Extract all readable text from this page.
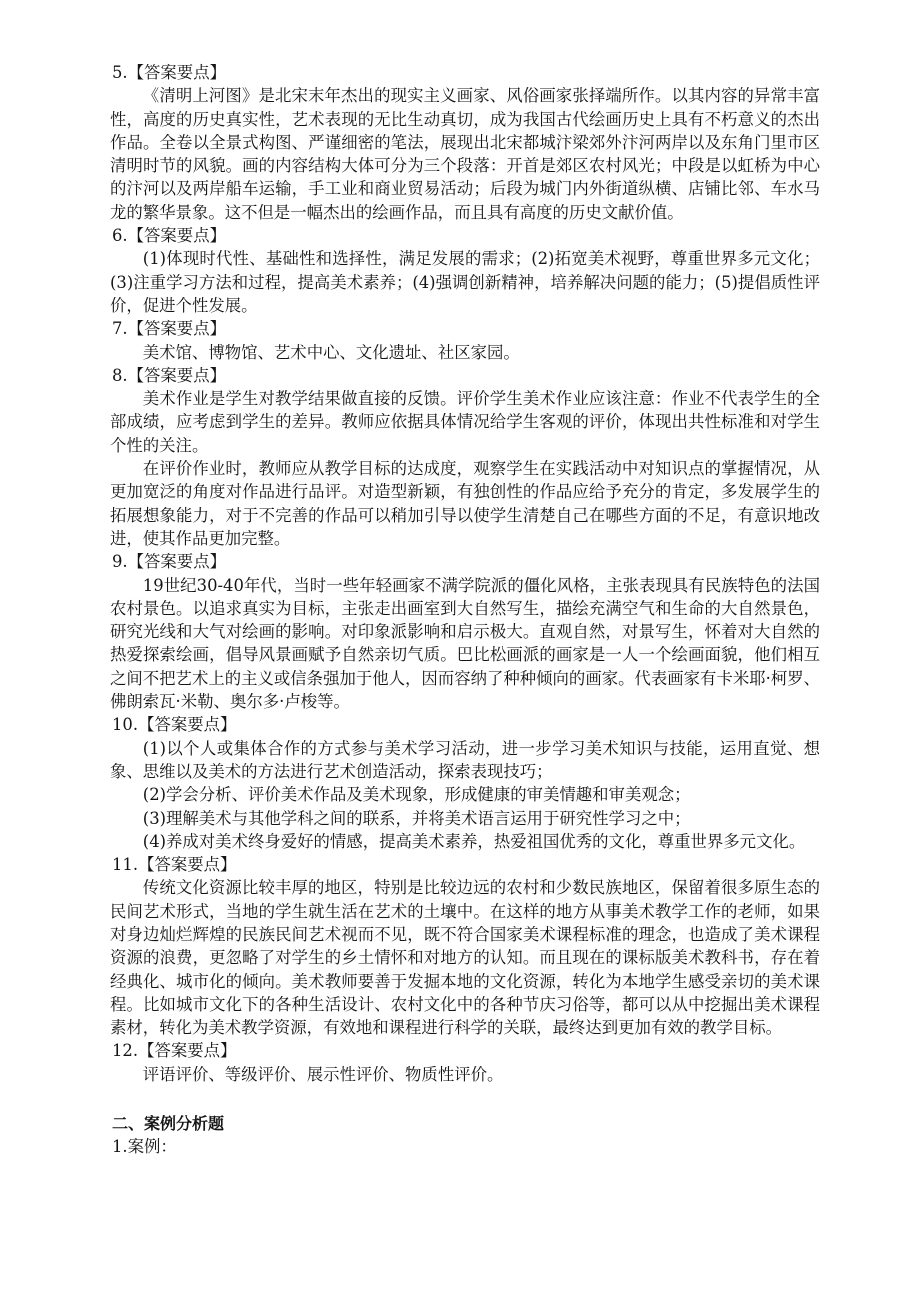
5.【答案要点】

《清明上河图》是北宋末年杰出的现实主义画家、风俗画家张择端所作。以其内容的异常丰富性，高度的历史真实性，艺术表现的无比生动真切，成为我国古代绘画历史上具有不朽意义的杰出作品。全卷以全景式构图、严谨细密的笔法，展现出北宋都城汴梁郊外汴河两岸以及东角门里市区清明时节的风貌。画的内容结构大体可分为三个段落：开首是郊区农村风光；中段是以虹桥为中心的汴河以及两岸船车运输，手工业和商业贸易活动；后段为城门内外街道纵横、店铺比邻、车水马龙的繁华景象。这不但是一幅杰出的绘画作品，而且具有高度的历史文献价值。

6.【答案要点】

(1)体现时代性、基础性和选择性，满足发展的需求；(2)拓宽美术视野，尊重世界多元文化；(3)注重学习方法和过程，提高美术素养；(4)强调创新精神，培养解决问题的能力；(5)提倡质性评价，促进个性发展。

7.【答案要点】

美术馆、博物馆、艺术中心、文化遗址、社区家园。

8.【答案要点】

美术作业是学生对教学结果做直接的反馈。评价学生美术作业应该注意：作业不代表学生的全部成绩，应考虑到学生的差异。教师应依据具体情况给学生客观的评价，体现出共性标准和对学生个性的关注。

在评价作业时，教师应从教学目标的达成度，观察学生在实践活动中对知识点的掌握情况，从更加宽泛的角度对作品进行品评。对造型新颖，有独创性的作品应给予充分的肯定，多发展学生的拓展想象能力，对于不完善的作品可以稍加引导以使学生清楚自己在哪些方面的不足，有意识地改进，使其作品更加完整。

9.【答案要点】

19世纪30-40年代，当时一些年轻画家不满学院派的僵化风格，主张表现具有民族特色的法国农村景色。以追求真实为目标，主张走出画室到大自然写生，描绘充满空气和生命的大自然景色，研究光线和大气对绘画的影响。对印象派影响和启示极大。直观自然，对景写生，怀着对大自然的热爱探索绘画，倡导风景画赋予自然亲切气质。巴比松画派的画家是一人一个绘画面貌，他们相互之间不把艺术上的主义或信条强加于他人，因而容纳了种种倾向的画家。代表画家有卡米耶·柯罗、佛朗索瓦·米勒、奥尔多·卢梭等。

10.【答案要点】

(1)以个人或集体合作的方式参与美术学习活动，进一步学习美术知识与技能，运用直觉、想象、思维以及美术的方法进行艺术创造活动，探索表现技巧；

(2)学会分析、评价美术作品及美术现象，形成健康的审美情趣和审美观念；

(3)理解美术与其他学科之间的联系，并将美术语言运用于研究性学习之中；

(4)养成对美术终身爱好的情感，提高美术素养，热爱祖国优秀的文化，尊重世界多元文化。

11.【答案要点】

传统文化资源比较丰厚的地区，特别是比较边远的农村和少数民族地区，保留着很多原生态的民间艺术形式，当地的学生就生活在艺术的土壤中。在这样的地方从事美术教学工作的老师，如果对身边灿烂辉煌的民族民间艺术视而不见，既不符合国家美术课程标准的理念，也造成了美术课程资源的浪费，更忽略了对学生的乡土情怀和对地方的认知。而且现在的课标版美术教科书，存在着经典化、城市化的倾向。美术教师要善于发掘本地的文化资源，转化为本地学生感受亲切的美术课程。比如城市文化下的各种生活设计、农村文化中的各种节庆习俗等，都可以从中挖掘出美术课程素材，转化为美术教学资源，有效地和课程进行科学的关联，最终达到更加有效的教学目标。

12.【答案要点】

评语评价、等级评价、展示性评价、物质性评价。

二、案例分析题

1.案例：
